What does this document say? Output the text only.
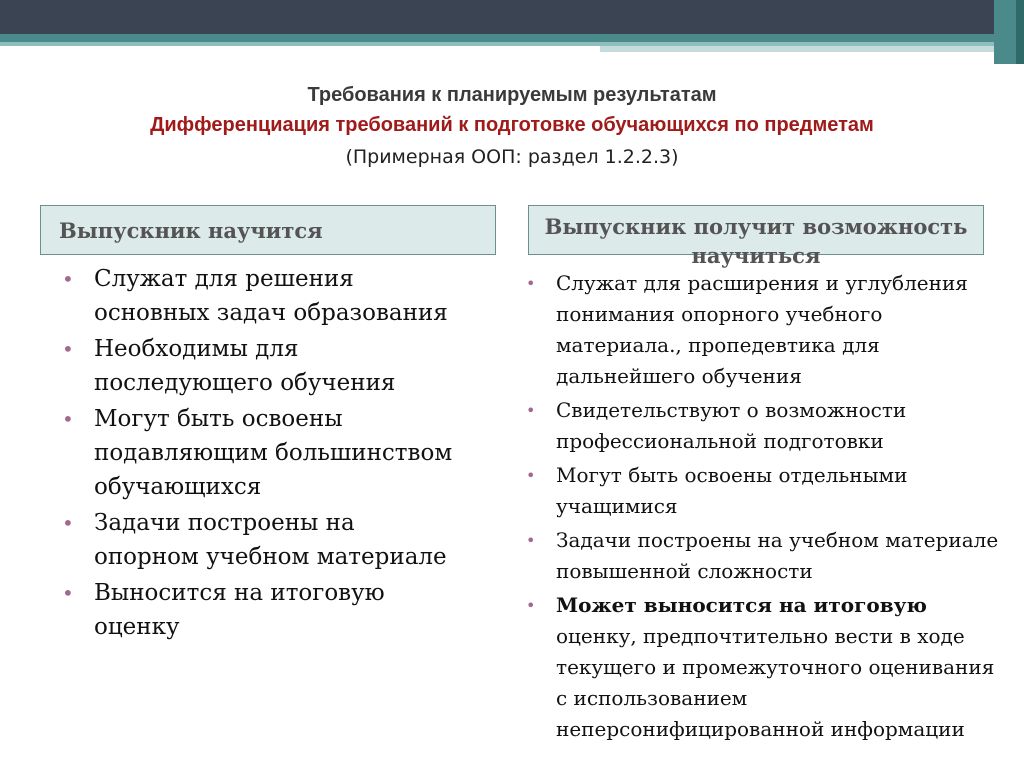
Требования к планируемым результатам
Дифференциация требований к подготовке обучающихся по предметам
(Примерная ООП: раздел 1.2.2.3)
Выпускник научится	Выпускник получит возможность научиться
• Служат для решения основных задач образования
• Необходимы для последующего обучения
• Могут быть освоены подавляющим большинством обучающихся
• Задачи построены на опорном учебном материале
• Выносится на итоговую оценку
• Служат для расширения и углубления понимания опорного учебного материала., пропедевтика для дальнейшего обучения
• Свидетельствуют о возможности профессиональной подготовки
• Могут быть освоены отдельными учащимися
• Задачи построены на учебном материале повышенной сложности
• Может выносится на итоговую оценку, предпочтительно вести в ходе текущего и промежуточного оценивания с использованием неперсонифицированной информации
